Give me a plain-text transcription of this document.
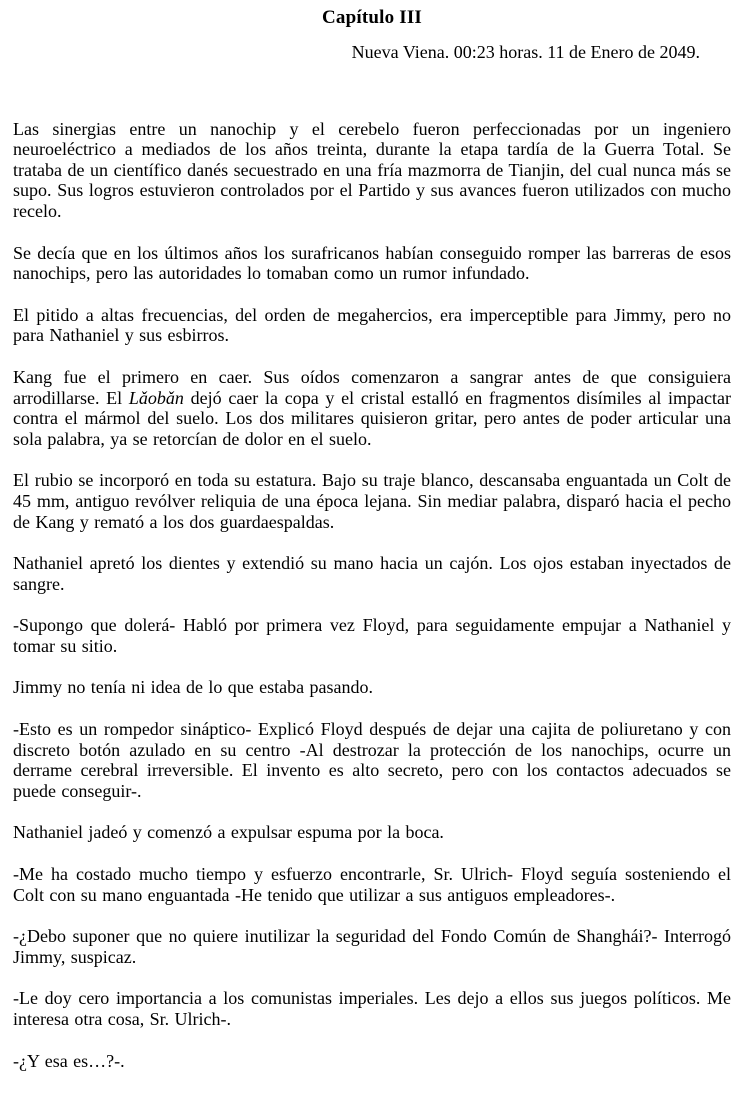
Capítulo III

Nueva Viena. 00:23 horas. 11 de Enero de 2049.

Las sinergias entre un nanochip y el cerebelo fueron perfeccionadas por un ingeniero neuroeléctrico a mediados de los años treinta, durante la etapa tardía de la Guerra Total. Se trataba de un científico danés secuestrado en una fría mazmorra de Tianjin, del cual nunca más se supo. Sus logros estuvieron controlados por el Partido y sus avances fueron utilizados con mucho recelo.

Se decía que en los últimos años los surafricanos habían conseguido romper las barreras de esos nanochips, pero las autoridades lo tomaban como un rumor infundado.

El pitido a altas frecuencias, del orden de megahercios, era imperceptible para Jimmy, pero no para Nathaniel y sus esbirros.

Kang fue el primero en caer. Sus oídos comenzaron a sangrar antes de que consiguiera arrodillarse. El Lǎobǎn dejó caer la copa y el cristal estalló en fragmentos disímiles al impactar contra el mármol del suelo. Los dos militares quisieron gritar, pero antes de poder articular una sola palabra, ya se retorcían de dolor en el suelo.

El rubio se incorporó en toda su estatura. Bajo su traje blanco, descansaba enguantada un Colt de 45 mm, antiguo revólver reliquia de una época lejana. Sin mediar palabra, disparó hacia el pecho de Kang y remató a los dos guardaespaldas.

Nathaniel apretó los dientes y extendió su mano hacia un cajón. Los ojos estaban inyectados de sangre.

-Supongo que dolerá- Habló por primera vez Floyd, para seguidamente empujar a Nathaniel y tomar su sitio.

Jimmy no tenía ni idea de lo que estaba pasando.

-Esto es un rompedor sináptico- Explicó Floyd después de dejar una cajita de poliuretano y con discreto botón azulado en su centro -Al destrozar la protección de los nanochips, ocurre un derrame cerebral irreversible. El invento es alto secreto, pero con los contactos adecuados se puede conseguir-.

Nathaniel jadeó y comenzó a expulsar espuma por la boca.

-Me ha costado mucho tiempo y esfuerzo encontrarle, Sr. Ulrich- Floyd seguía sosteniendo el Colt con su mano enguantada -He tenido que utilizar a sus antiguos empleadores-.

-¿Debo suponer que no quiere inutilizar la seguridad del Fondo Común de Shanghái?- Interrogó Jimmy, suspicaz.

-Le doy cero importancia a los comunistas imperiales. Les dejo a ellos sus juegos políticos. Me interesa otra cosa, Sr. Ulrich-.

-¿Y esa es…?-.
